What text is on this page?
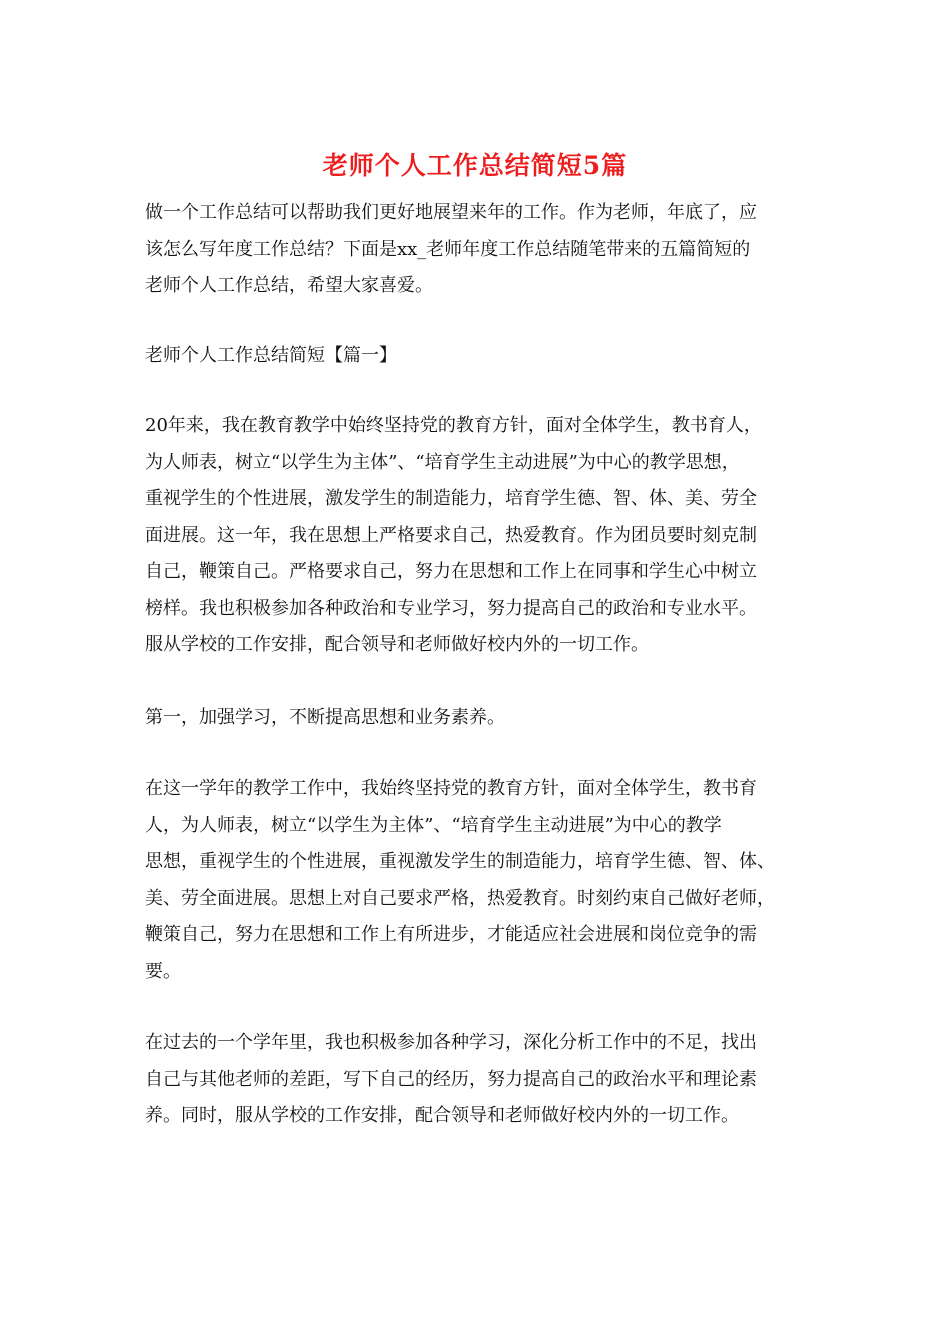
老师个人工作总结简短5篇
做一个工作总结可以帮助我们更好地展望来年的工作。作为老师，年底了，应
该怎么写年度工作总结？下面是xx_老师年度工作总结随笔带来的五篇简短的
老师个人工作总结，希望大家喜爱。
老师个人工作总结简短【篇一】
20年来，我在教育教学中始终坚持党的教育方针，面对全体学生，教书育人，
为人师表，树立“以学生为主体”、“培育学生主动进展”为中心的教学思想，
重视学生的个性进展，激发学生的制造能力，培育学生德、智、体、美、劳全
面进展。这一年，我在思想上严格要求自己，热爱教育。作为团员要时刻克制
自己，鞭策自己。严格要求自己，努力在思想和工作上在同事和学生心中树立
榜样。我也积极参加各种政治和专业学习，努力提高自己的政治和专业水平。
服从学校的工作安排，配合领导和老师做好校内外的一切工作。
第一，加强学习，不断提高思想和业务素养。
在这一学年的教学工作中，我始终坚持党的教育方针，面对全体学生，教书育
人，为人师表，树立“以学生为主体”、“培育学生主动进展”为中心的教学
思想，重视学生的个性进展，重视激发学生的制造能力，培育学生德、智、体、
美、劳全面进展。思想上对自己要求严格，热爱教育。时刻约束自己做好老师，
鞭策自己，努力在思想和工作上有所进步，才能适应社会进展和岗位竞争的需
要。
在过去的一个学年里，我也积极参加各种学习，深化分析工作中的不足，找出
自己与其他老师的差距，写下自己的经历，努力提高自己的政治水平和理论素
养。同时，服从学校的工作安排，配合领导和老师做好校内外的一切工作。
